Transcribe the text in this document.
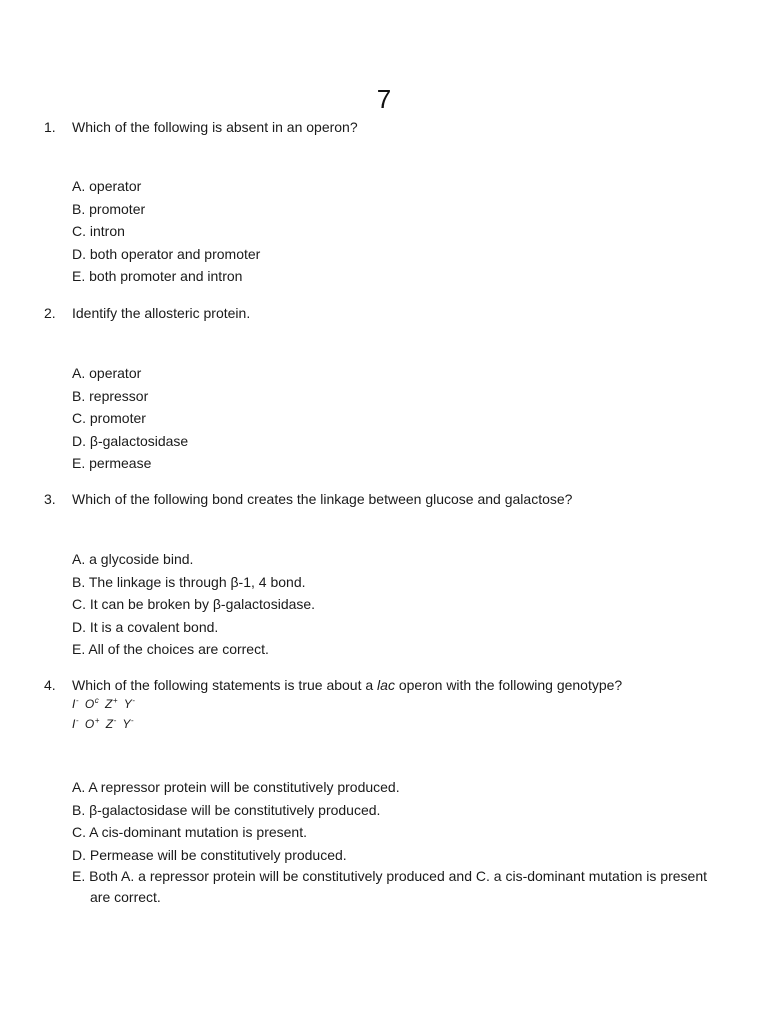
7
1. Which of the following is absent in an operon?
A. operator
B. promoter
C. intron
D. both operator and promoter
E. both promoter and intron
2. Identify the allosteric protein.
A. operator
B. repressor
C. promoter
D. β-galactosidase
E. permease
3. Which of the following bond creates the linkage between glucose and galactose?
A. a glycoside bind.
B. The linkage is through β-1, 4 bond.
C. It can be broken by β-galactosidase.
D. It is a covalent bond.
E. All of the choices are correct.
4. Which of the following statements is true about a lac operon with the following genotype?
I- $O^c$ Z+ Y-
I- O+ Z- Y-
A. A repressor protein will be constitutively produced.
B. β-galactosidase will be constitutively produced.
C. A cis-dominant mutation is present.
D. Permease will be constitutively produced.
E. Both A. a repressor protein will be constitutively produced and C. a cis-dominant mutation is present are correct.
